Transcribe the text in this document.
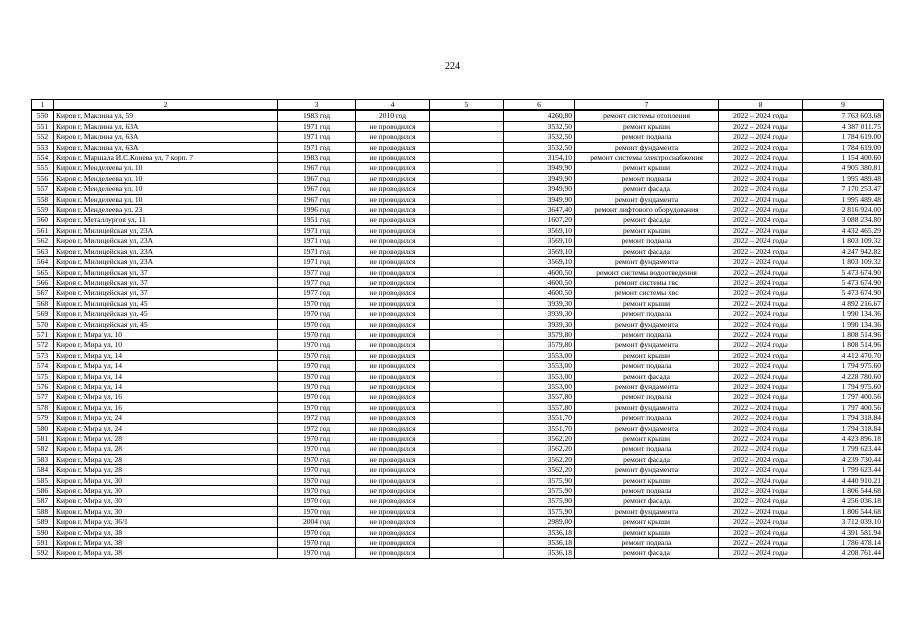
224
1	2	3	4	5	6	7	8	9
550	Киров г, Маклина ул, 59	1983 год	2010 год		4260,80	ремонт системы отопления	2022 – 2024 годы	7 763 603.68
551	Киров г, Маклина ул, 63А	1971 год	не проводился		3532,50	ремонт крыши	2022 – 2024 годы	4 387 011.75
552	Киров г, Маклина ул, 63А	1971 год	не проводился		3532,50	ремонт подвала	2022 – 2024 годы	1 784 619.00
553	Киров г, Маклина ул, 63А	1971 год	не проводился		3532,50	ремонт фундамента	2022 – 2024 годы	1 784 619.00
554	Киров г, Маршала И.С.Конева ул, 7 корп. 7	1983 год	не проводился		3154,10	ремонт системы электроснабжения	2022 – 2024 годы	1 154 400.60
555	Киров г, Менделеева ул, 10	1967 год	не проводился		3949,90	ремонт крыши	2022 – 2024 годы	4 905 380.81
556	Киров г, Менделеева ул, 10	1967 год	не проводился		3949,90	ремонт подвала	2022 – 2024 годы	1 995 489.48
557	Киров г, Менделеева ул, 10	1967 год	не проводился		3949,90	ремонт фасада	2022 – 2024 годы	7 170 253.47
558	Киров г, Менделеева ул, 10	1967 год	не проводился		3949,90	ремонт фундамента	2022 – 2024 годы	1 995 489.48
559	Киров г, Менделеева ул, 23	1996 год	не проводился		3647,40	ремонт лифтового оборудования	2022 – 2024 годы	2 816 924.00
560	Киров г, Металлургов ул, 11	1951 год	не проводился		1607,20	ремонт фасада	2022 – 2024 годы	3 088 234.80
561	Киров г, Милицейская ул, 23А	1971 год	не проводился		3569,10	ремонт крыши	2022 – 2024 годы	4 432 465.29
562	Киров г, Милицейская ул, 23А	1971 год	не проводился		3569,10	ремонт подвала	2022 – 2024 годы	1 803 109.32
563	Киров г, Милицейская ул, 23А	1971 год	не проводился		3569,10	ремонт фасада	2022 – 2024 годы	4 247 942.82
564	Киров г, Милицейская ул, 23А	1971 год	не проводился		3569,10	ремонт фундамента	2022 – 2024 годы	1 803 109.32
565	Киров г, Милицейская ул, 37	1977 год	не проводился		4600,50	ремонт системы водоотведения	2022 – 2024 годы	5 473 674.90
566	Киров г, Милицейская ул, 37	1977 год	не проводился		4600,50	ремонт системы гвс	2022 – 2024 годы	5 473 674.90
567	Киров г, Милицейская ул, 37	1977 год	не проводился		4600,50	ремонт системы хвс	2022 – 2024 годы	5 473 674.90
568	Киров г, Милицейская ул, 45	1970 год	не проводился		3939,30	ремонт крыши	2022 – 2024 годы	4 892 216.67
569	Киров г, Милицейская ул, 45	1970 год	не проводился		3939,30	ремонт подвала	2022 – 2024 годы	1 990 134.36
570	Киров г, Милицейская ул, 45	1970 год	не проводился		3939,30	ремонт фундамента	2022 – 2024 годы	1 990 134.36
571	Киров г, Мира ул, 10	1970 год	не проводился		3579,80	ремонт подвала	2022 – 2024 годы	1 808 514.96
572	Киров г, Мира ул, 10	1970 год	не проводился		3579,80	ремонт фундамента	2022 – 2024 годы	1 808 514.96
573	Киров г, Мира ул, 14	1970 год	не проводился		3553,00	ремонт крыши	2022 – 2024 годы	4 412 470.70
574	Киров г, Мира ул, 14	1970 год	не проводился		3553,00	ремонт подвала	2022 – 2024 годы	1 794 975.60
575	Киров г, Мира ул, 14	1970 год	не проводился		3553,00	ремонт фасада	2022 – 2024 годы	4 228 780.60
576	Киров г, Мира ул, 14	1970 год	не проводился		3553,00	ремонт фундамента	2022 – 2024 годы	1 794 975.60
577	Киров г, Мира ул, 16	1970 год	не проводился		3557,80	ремонт подвала	2022 – 2024 годы	1 797 400.56
578	Киров г, Мира ул, 16	1970 год	не проводился		3557,80	ремонт фундамента	2022 – 2024 годы	1 797 400.56
579	Киров г, Мира ул, 24	1972 год	не проводился		3551,70	ремонт подвала	2022 – 2024 годы	1 794 318.84
580	Киров г, Мира ул, 24	1972 год	не проводился		3551,70	ремонт фундамента	2022 – 2024 годы	1 794 318.84
581	Киров г, Мира ул, 28	1970 год	не проводился		3562,20	ремонт крыши	2022 – 2024 годы	4 423 896.18
582	Киров г, Мира ул, 28	1970 год	не проводился		3562,20	ремонт подвала	2022 – 2024 годы	1 799 623.44
583	Киров г, Мира ул, 28	1970 год	не проводился		3562,20	ремонт фасада	2022 – 2024 годы	4 239 730.44
584	Киров г, Мира ул, 28	1970 год	не проводился		3562,20	ремонт фундамента	2022 – 2024 годы	1 799 623.44
585	Киров г, Мира ул, 30	1970 год	не проводился		3575,90	ремонт крыши	2022 – 2024 годы	4 440 910.21
586	Киров г, Мира ул, 30	1970 год	не проводился		3575,90	ремонт подвала	2022 – 2024 годы	1 806 544.68
587	Киров г, Мира ул, 30	1970 год	не проводился		3575,90	ремонт фасада	2022 – 2024 годы	4 256 036.18
588	Киров г, Мира ул, 30	1970 год	не проводился		3575,90	ремонт фундамента	2022 – 2024 годы	1 806 544.68
589	Киров г, Мира ул, 36/1	2004 год	не проводился		2989,00	ремонт крыши	2022 – 2024 годы	3 712 039.10
590	Киров г, Мира ул, 38	1970 год	не проводился		3536,18	ремонт крыши	2022 – 2024 годы	4 391 581.94
591	Киров г, Мира ул, 38	1970 год	не проводился		3536,18	ремонт подвала	2022 – 2024 годы	1 786 478.14
592	Киров г, Мира ул, 38	1970 год	не проводился		3536,18	ремонт фасада	2022 – 2024 годы	4 208 761.44
